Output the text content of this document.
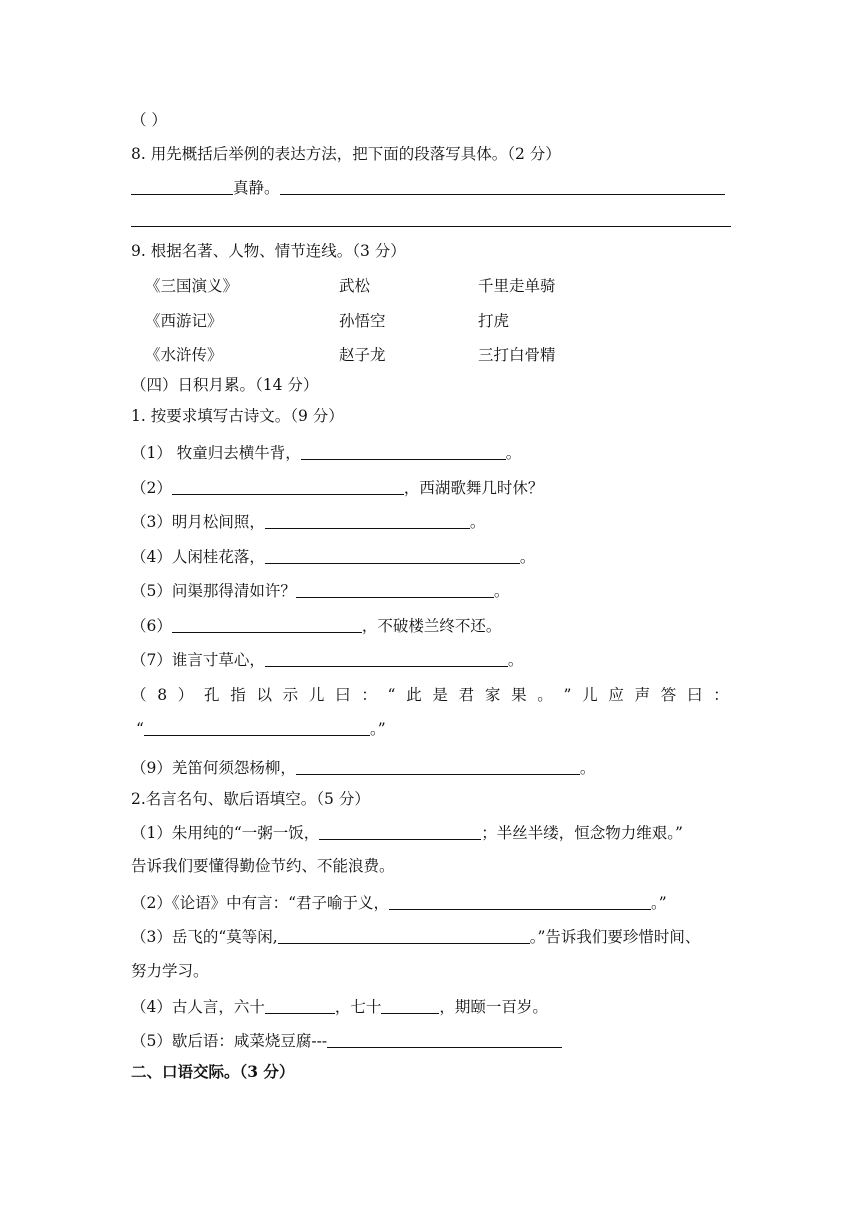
（ ）
8. 用先概括后举例的表达方法，把下面的段落写具体。（2 分）
真静。
9. 根据名著、人物、情节连线。（3 分）
《三国演义》	武松	千里走单骑
《西游记》	孙悟空	打虎
《水浒传》	赵子龙	三打白骨精
（四）日积月累。（14 分）
1. 按要求填写古诗文。（9 分）
（1） 牧童归去横牛背，	。
（2）	，西湖歌舞几时休？
（3）明月松间照，	。
（4）人闲桂花落，	。
（5）问渠那得清如许？	。
（6）	，不破楼兰终不还。
（7）谁言寸草心，	。
（ 8 ） 孔 指 以 示 儿 曰 ： “ 此 是 君 家 果 。 ” 儿 应 声 答 曰 ：
“	。”
（9）羌笛何须怨杨柳，	。
2.名言名句、歇后语填空。（5 分）
（1）朱用纯的“一粥一饭，	；半丝半缕，恒念物力维艰。”
告诉我们要懂得勤俭节约、不能浪费。
（2）《论语》中有言：“君子喻于义，	。”
（3）岳飞的“莫等闲,	。”告诉我们要珍惜时间、
努力学习。
（4）古人言，六十	，七十	，期颐一百岁。
（5）歇后语：咸菜烧豆腐---
二、口语交际。（3 分）
